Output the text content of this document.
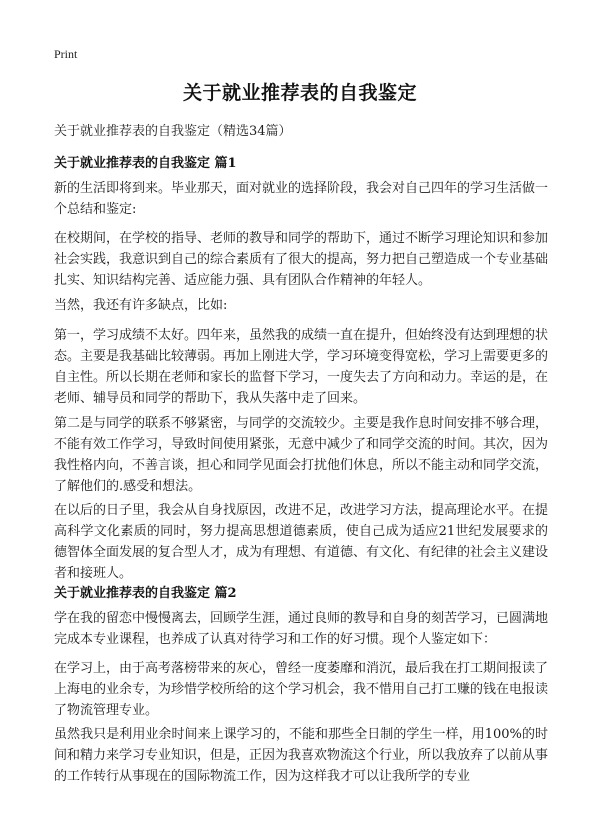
Print
关于就业推荐表的自我鉴定
关于就业推荐表的自我鉴定（精选34篇）
关于就业推荐表的自我鉴定 篇1
新的生活即将到来。毕业那天，面对就业的选择阶段，我会对自己四年的学习生活做一个总结和鉴定:
在校期间，在学校的指导、老师的教导和同学的帮助下，通过不断学习理论知识和参加社会实践，我意识到自己的综合素质有了很大的提高，努力把自己塑造成一个专业基础扎实、知识结构完善、适应能力强、具有团队合作精神的年轻人。
当然，我还有许多缺点，比如:
第一，学习成绩不太好。四年来，虽然我的成绩一直在提升，但始终没有达到理想的状态。主要是我基础比较薄弱。再加上刚进大学，学习环境变得宽松，学习上需要更多的自主性。所以长期在老师和家长的监督下学习，一度失去了方向和动力。幸运的是，在老师、辅导员和同学的帮助下，我从失落中走了回来。
第二是与同学的联系不够紧密，与同学的交流较少。主要是我作息时间安排不够合理，不能有效工作学习，导致时间使用紧张，无意中减少了和同学交流的时间。其次，因为我性格内向，不善言谈，担心和同学见面会打扰他们休息，所以不能主动和同学交流，了解他们的.感受和想法。
在以后的日子里，我会从自身找原因，改进不足，改进学习方法，提高理论水平。在提高科学文化素质的同时，努力提高思想道德素质，使自己成为适应21世纪发展要求的德智体全面发展的复合型人才，成为有理想、有道德、有文化、有纪律的社会主义建设者和接班人。
关于就业推荐表的自我鉴定 篇2
学在我的留恋中慢慢离去，回顾学生涯，通过良师的教导和自身的刻苦学习，已圆满地完成本专业课程，也养成了认真对待学习和工作的好习惯。现个人鉴定如下：
在学习上，由于高考落榜带来的灰心，曾经一度萎靡和消沉，最后我在打工期间报读了上海电的业余专，为珍惜学校所给的这个学习机会，我不惜用自己打工赚的钱在电报读了物流管理专业。
虽然我只是利用业余时间来上课学习的，不能和那些全日制的学生一样，用100%的时间和精力来学习专业知识，但是，正因为我喜欢物流这个行业，所以我放弃了以前从事的工作转行从事现在的国际物流工作，因为这样我才可以让我所学的专业
